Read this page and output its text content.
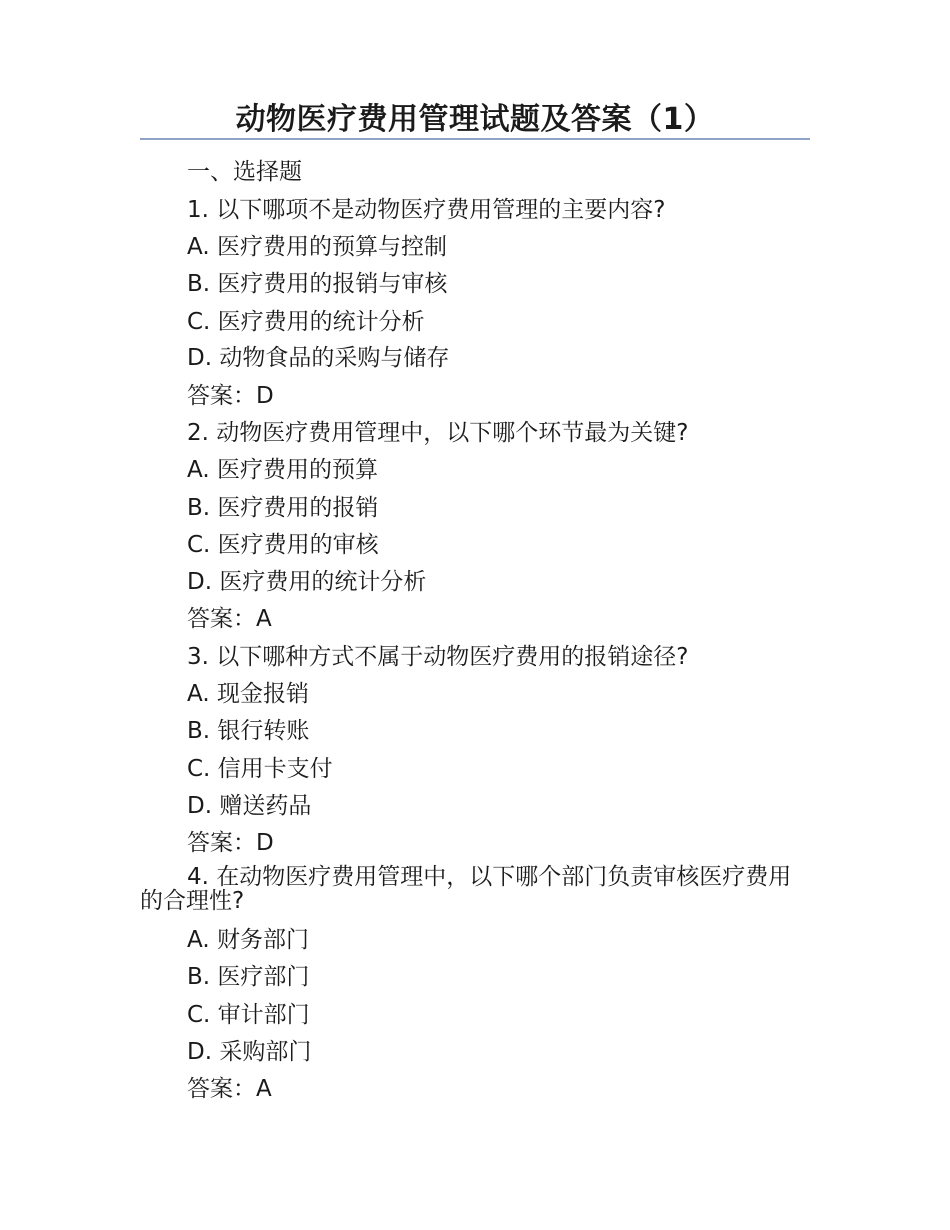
动物医疗费用管理试题及答案（1）
一、选择题
1. 以下哪项不是动物医疗费用管理的主要内容?
A. 医疗费用的预算与控制
B. 医疗费用的报销与审核
C. 医疗费用的统计分析
D. 动物食品的采购与储存
答案：D
2. 动物医疗费用管理中，以下哪个环节最为关键?
A. 医疗费用的预算
B. 医疗费用的报销
C. 医疗费用的审核
D. 医疗费用的统计分析
答案：A
3. 以下哪种方式不属于动物医疗费用的报销途径?
A. 现金报销
B. 银行转账
C. 信用卡支付
D. 赠送药品
答案：D
4. 在动物医疗费用管理中，以下哪个部门负责审核医疗费用的合理性?
A. 财务部门
B. 医疗部门
C. 审计部门
D. 采购部门
答案：A
